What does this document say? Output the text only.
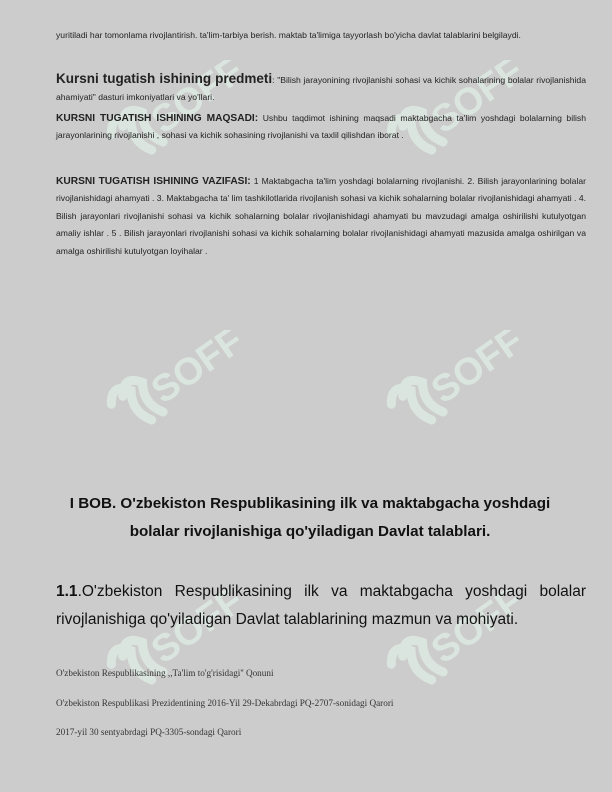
SOFF	SOFF
SOFF	SOFF
SOFF	SOFF

yuritiladi har tomonlama rivojlantirish. ta'lim-tarbiya berish. maktab ta'limiga tayyorlash bo'yicha davlat talablarini belgilaydi.

Kursni tugatish ishining predmeti: "Bilish jarayonining rivojlanishi sohasi va kichik sohalarining bolalar rivojlanishida ahamiyati" dasturi imkoniyatlari va yo'llari.

KURSNI TUGATISH ISHINING MAQSADI: Ushbu taqdimot ishining maqsadi maktabgacha ta'lim yoshdagi bolalarning bilish jarayonlarining rivojlanishi , sohasi va kichik sohasining rivojlanishi va taxlil qilishdan iborat .

KURSNI TUGATISH ISHINING VAZIFASI: 1 Maktabgacha ta'lim yoshdagi bolalarning rivojlanishi. 2. Bilish jarayonlarining bolalar rivojlanishidagi ahamyati . 3. Maktabgacha ta' lim tashkilotlarida rivojlanish sohasi va kichik sohalarning bolalar rivojlanishidagi ahamyati . 4. Bilish jarayonlari rivojlanishi sohasi va kichik sohalarning bolalar rivojlanishidagi ahamyati bu mavzudagi amalga oshirilishi kutulyotgan amaliy ishlar . 5 . Bilish jarayonlari rivojlanishi sohasi va kichik sohalarning bolalar rivojlanishidagi ahamyati mazusida amalga oshirilgan va amalga oshirilishi kutulyotgan loyihalar .

I BOB. O'zbekiston Respublikasining ilk va maktabgacha yoshdagi
bolalar rivojlanishiga qo'yiladigan Davlat talablari.

1.1.O'zbekiston Respublikasining ilk va maktabgacha yoshdagi bolalar rivojlanishiga qo'yiladigan Davlat talablarining mazmun va mohiyati.

O'zbekiston Respublikasining ,,Ta'lim to'g'risidagi'' Qonuni
O'zbekiston Respublikasi Prezidentining 2016-Yil 29-Dekabrdagi PQ-2707-sonidagi Qarori
2017-yil 30 sentyabrdagi PQ-3305-sondagi Qarori
